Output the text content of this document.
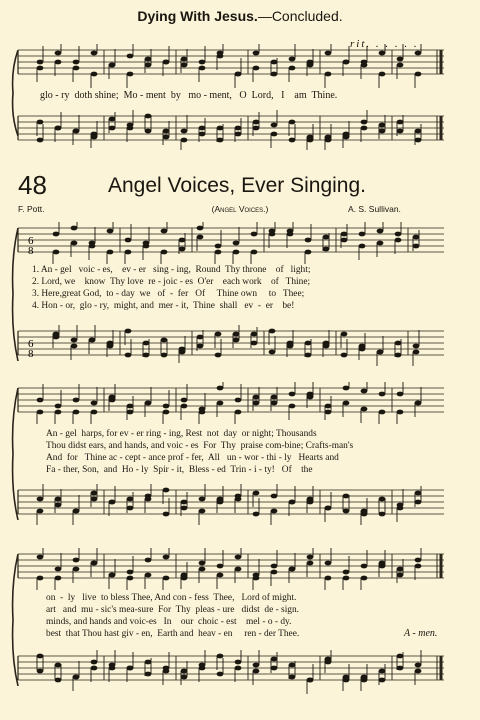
Dying With Jesus.—Concluded.
rit. . . . . .
glo - ry  doth shine;  Mo - ment  by   mo - ment,   O  Lord,   I    am  Thine.
48	Angel Voices, Ever Singing.
F. Pott.	(Angel Voices.)	A. S. Sullivan.
6
8
1. An - gel   voic - es,    ev - er   sing - ing,  Round  Thy throne    of   light;
2. Lord, we    know  Thy love  re - joic - es  O'er    each work    of   Thine;
3. Here,great God,  to - day  we   of  -  fer   Of     Thine own     to   Thee;
4. Hon - or,  glo - ry,  might, and  mer - it,  Thine  shall   ev  -  er    be!
6
8
An - gel  harps, for ev - er ring - ing, Rest  not  day  or night; Thousands
Thou didst ears, and hands, and voic - es  For  Thy  praise com-bine; Crafts-man's
And  for   Thine ac - cept - ance prof - fer,  All   un - wor - thi - ly   Hearts and
Fa - ther, Son,  and  Ho - ly  Spir - it,  Bless - ed  Trin - i - ty!   Of    the
on  -  ly   live  to bless Thee, And con - fess  Thee,   Lord of might.
art   and  mu - sic's mea-sure  For  Thy  pleas - ure   didst  de - sign.
minds, and hands and voic-es   In    our  choic - est    mel - o - dy.
best  that Thou hast giv - en,  Earth and  heav - en     ren - der Thee.	A - men.
